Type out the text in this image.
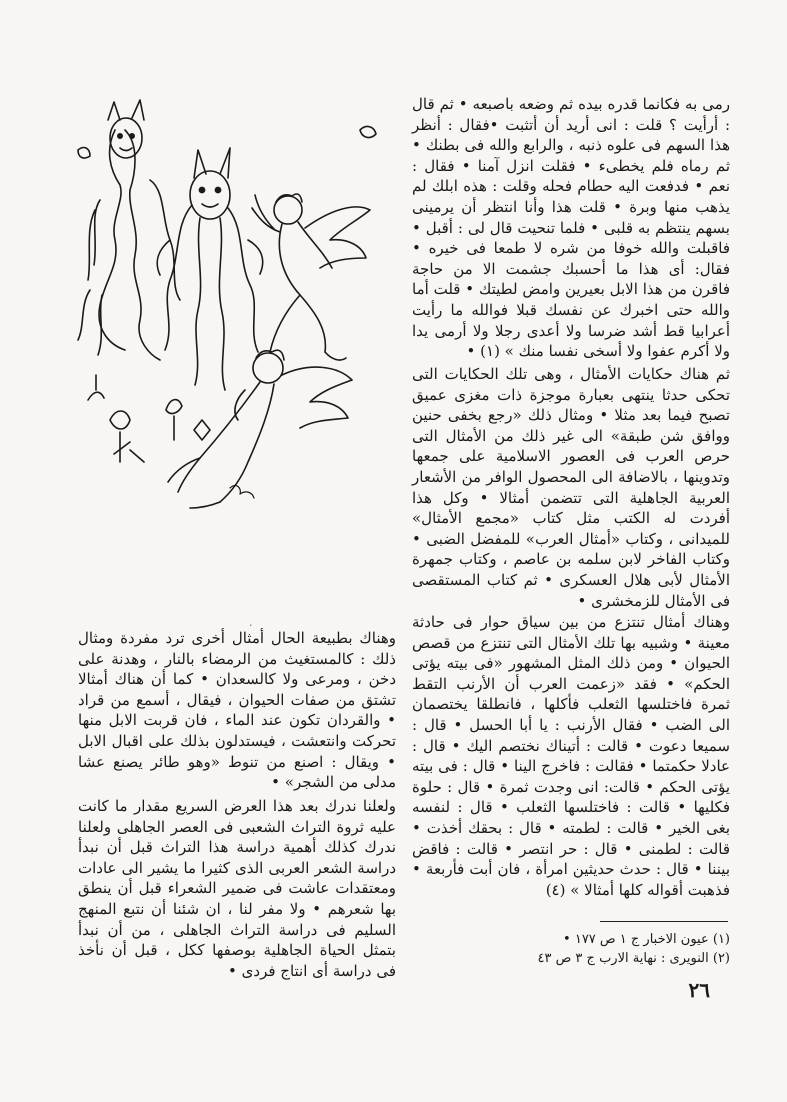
رمى به فكانما قدره بيده ثم وضعه باصبعه • ثم قال : أرأيت ؟ قلت : انى أريد أن أتثبت •فقال : أنظر هذا السهم فى علوه ذنبه ، والرابع والله فى بطنك • ثم رماه فلم يخطىء • فقلت انزل آمنا • فقال : نعم • فدفعت اليه حطام فحله وقلت : هذه ابلك لم يذهب منها وبرة • قلت هذا وأنا انتظر أن يرمينى بسهم ينتظم به قلبى • فلما تنحيت قال لى : أقبل • فاقبلت والله خوفا من شره لا طمعا فى خيره • فقال: أى هذا ما أحسبك جشمت الا من حاجة فاقرن من هذا الابل بعيرين وامض لطيتك • قلت أما والله حتى اخبرك عن نفسك قبلا فوالله ما رأيت أعرابيا قط أشد ضرسا ولا أعدى رجلا ولا أرمى يدا ولا أكرم عفوا ولا أسخى نفسا منك » (١) •

ثم هناك حكايات الأمثال ، وهى تلك الحكايات التى تحكى حدثا ينتهى بعبارة موجزة ذات مغزى عميق تصبح فيما بعد مثلا • ومثال ذلك «رجع بخفى حنين ووافق شن طبقة» الى غير ذلك من الأمثال التى حرص العرب فى العصور الاسلامية على جمعها وتدوينها ، بالاضافة الى المحصول الوافر من الأشعار العربية الجاهلية التى تتضمن أمثالا • وكل هذا أفردت له الكتب مثل كتاب «مجمع الأمثال» للميدانى ، وكتاب «أمثال العرب» للمفضل الضبى • وكتاب الفاخر لابن سلمه بن عاصم ، وكتاب جمهرة الأمثال لأبى هلال العسكرى • ثم كتاب المستقصى فى الأمثال للزمخشرى •

وهناك أمثال تنتزع من بين سياق حوار فى حادثة معينة • وشبيه بها تلك الأمثال التى تنتزع من قصص الحيوان • ومن ذلك المثل المشهور «فى بيته يؤتى الحكم» • فقد «زعمت العرب أن الأرنب التقط ثمرة فاختلسها الثعلب فأكلها ، فانطلقا يختصمان الى الضب • فقال الأرنب : يا أبا الحسل • قال : سميعا دعوت • قالت : أتيناك نختصم اليك • قال : عادلا حكمتما • فقالت : فاخرج الينا • قال : فى بيته يؤتى الحكم • قالت: انى وجدت ثمرة • قال : حلوة فكليها • قالت : فاختلسها الثعلب • قال : لنفسه بغى الخير • قالت : لطمته • قال : بحقك أخذت • قالت : لطمنى • قال : حر انتصر • قالت : فاقض بيننا • قال : حدث حديثين امرأة ، فان أبت فأربعة • فذهبت أقواله كلها أمثالا » (٤)

(١) عيون الاخبار ج ١ ص ١٧٧ •
(٢) النويرى : نهاية الارب ج ٣ ص ٤٣
٢٦

وهناك بطبيعة الحال أمثال أخرى ترد مفردة ومثال ذلك : كالمستغيث من الرمضاء بالنار ، وهدنة على دخن ، ومرعى ولا كالسعدان • كما أن هناك أمثالا تشتق من صفات الحيوان ، فيقال ، أسمع من قراد • والقردان تكون عند الماء ، فان قربت الابل منها تحركت وانتعشت ، فيستدلون بذلك على اقبال الابل • ويقال : اصنع من تنوط «وهو طائر يصنع عشا مدلى من الشجر» •

ولعلنا ندرك بعد هذا العرض السريع مقدار ما كانت عليه ثروة التراث الشعبى فى العصر الجاهلى ولعلنا ندرك كذلك أهمية دراسة هذا التراث قبل أن نبدأ دراسة الشعر العربى الذى كثيرا ما يشير الى عادات ومعتقدات عاشت فى ضمير الشعراء قبل أن ينطق بها شعرهم • ولا مفر لنا ، ان شئنا أن نتبع المنهج السليم فى دراسة التراث الجاهلى ، من أن نبدأ بتمثل الحياة الجاهلية بوصفها ككل ، قبل أن نأخذ فى دراسة أى انتاج فردى •

٠
